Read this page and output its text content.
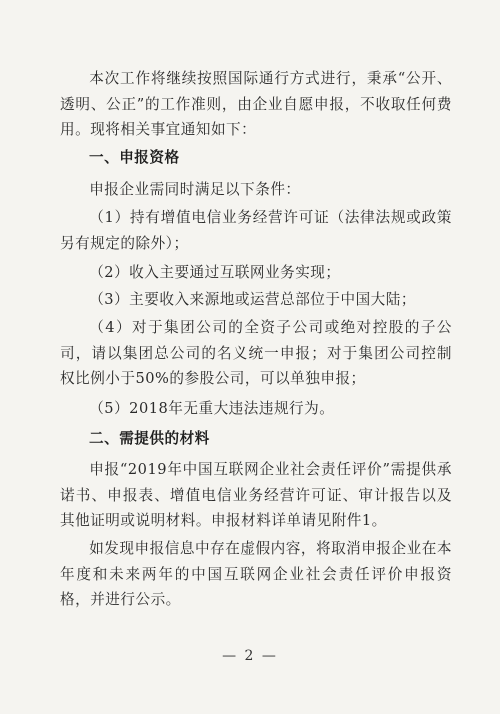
本次工作将继续按照国际通行方式进行，秉承“公开、透明、公正”的工作准则，由企业自愿申报，不收取任何费用。现将相关事宜通知如下：
一、申报资格
申报企业需同时满足以下条件：
（1）持有增值电信业务经营许可证（法律法规或政策另有规定的除外）；
（2）收入主要通过互联网业务实现；
（3）主要收入来源地或运营总部位于中国大陆；
（4）对于集团公司的全资子公司或绝对控股的子公司，请以集团总公司的名义统一申报；对于集团公司控制权比例小于50%的参股公司，可以单独申报；
（5）2018年无重大违法违规行为。
二、需提供的材料
申报“2019年中国互联网企业社会责任评价”需提供承诺书、申报表、增值电信业务经营许可证、审计报告以及其他证明或说明材料。申报材料详单请见附件1。
如发现申报信息中存在虚假内容，将取消申报企业在本年度和未来两年的中国互联网企业社会责任评价申报资格，并进行公示。
— 2 —
